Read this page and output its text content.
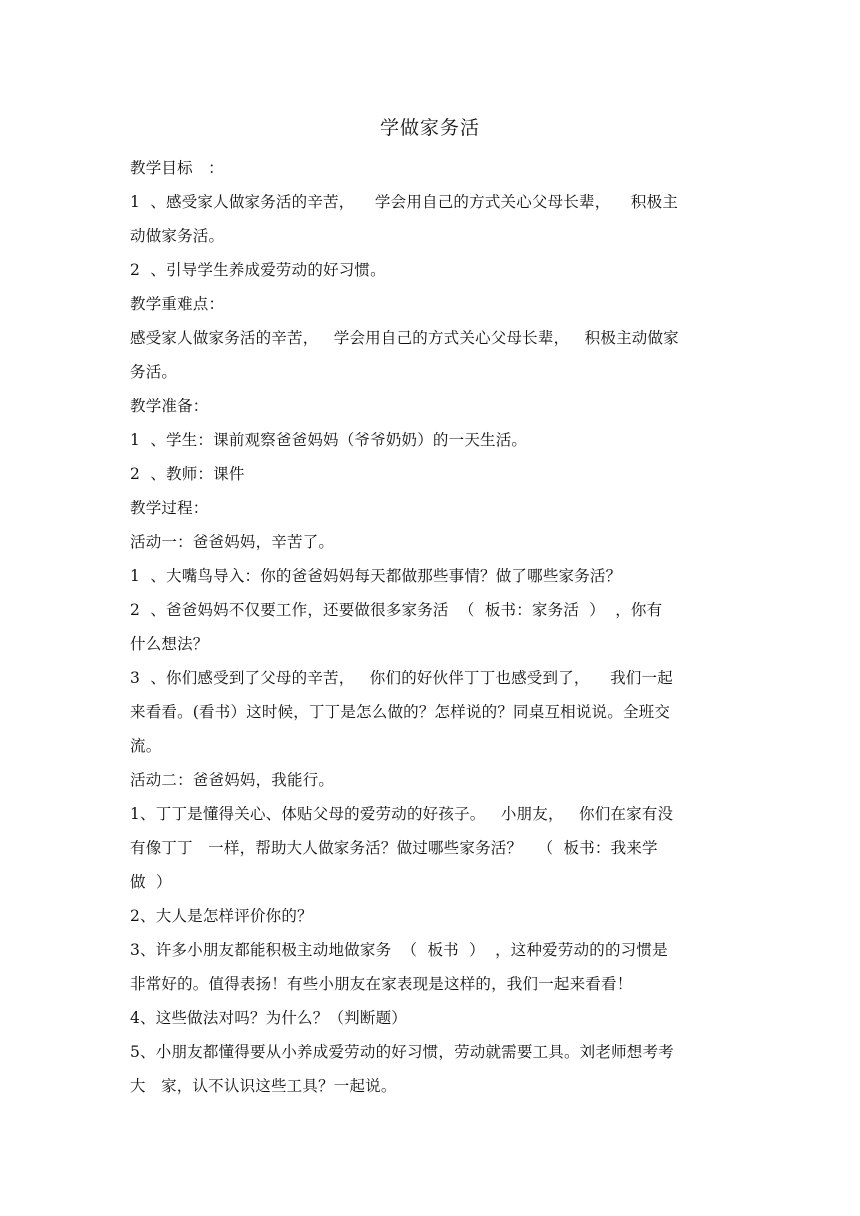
学做家务活
教学目标   ：
1  、感受家人做家务活的辛苦，    学会用自己的方式关心父母长辈，    积极主
动做家务活。
2  、引导学生养成爱劳动的好习惯。
教学重难点：
感受家人做家务活的辛苦，   学会用自己的方式关心父母长辈，   积极主动做家
务活。
教学准备：
1  、学生：课前观察爸爸妈妈（爷爷奶奶）的一天生活。
2  、教师：课件
教学过程：
活动一：爸爸妈妈，辛苦了。
1  、大嘴鸟导入：你的爸爸妈妈每天都做那些事情？做了哪些家务活？
2  、爸爸妈妈不仅要工作，还要做很多家务活  （  板书：家务活  ）  ，你有
什么想法？
3  、你们感受到了父母的辛苦，   你们的好伙伴丁丁也感受到了，    我们一起
来看看。(看书）这时候，丁丁是怎么做的？怎样说的？同桌互相说说。全班交
流。
活动二：爸爸妈妈，我能行。
1、丁丁是懂得关心、体贴父母的爱劳动的好孩子。   小朋友，   你们在家有没
有像丁丁   一样，帮助大人做家务活？做过哪些家务活？   （  板书：我来学
做  ）
2、大人是怎样评价你的？
3、许多小朋友都能积极主动地做家务  （  板书  ）  ，这种爱劳动的的习惯是
非常好的。值得表扬！有些小朋友在家表现是这样的，我们一起来看看！
4、这些做法对吗？为什么？（判断题）
5、小朋友都懂得要从小养成爱劳动的好习惯，劳动就需要工具。刘老师想考考
大   家，认不认识这些工具？一起说。
